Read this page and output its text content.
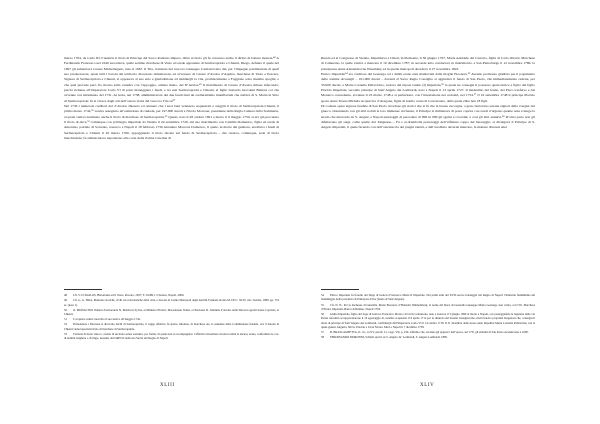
marzo 1704, da Carlo III d’Austria il titolo di Principe del Sacro Romano Impero. Oltre al titolo gli fu concesso anche il diritto di battere moneta.⁴⁸ A Ferdinando Francesco nel 1640 succedeva, quale settimo marchese di Vasto ed erede apparente di Sermacapriola e Chieuti, Diego, defunto il quale nel 1697 gli subentrava Cesare Michelangelo, nato il 1667. Il Tria, trattando del vescovo Giuseppe Catalani tratto dei, per l’impegno patrimoniale di quell suo predecessore, quasi tutti i baroni del territorio diocesano lamentarono ed avversero di Cesare d’Avalos d’Aquino, marchese di Vasto e Pescara, Signore di Sermacapriola e Chieuti, si opponeva al suo zelo e giurisdizione ad insidiargli la vita, promiscamente a Foggiano sotto mentite spoglie; e che quel prevede però fra ritorno sulla cattedra con l’appoggio, armata mano, del D’Avalos.⁴⁹ Il matrimonio di Cesare d’Avalos rimase infecondo; perciò richiese all’imperatore Carlo VI di poter maneggiare i feudi, e tra essi Sermacapriola e Chieuti, al figlio bastardo Giovanni Battista col che avvenne con istrumento del 1731. Ai terza, nel 1738, amministratore dei due feudi dant un scelleratisimo maniflavum che stabiva di S. Maria in Sitio di Sermacapriola: fu si vivace dagli atti dell’ostera visita del vescovo Tria su⁵⁰

Nel 1736 i numerosi creditori del d’Avalos chiesero ed ottenero che i suoi beni venissero sequestrati e staggiti il titolo di Sermacapriola-Chieuti, il primo marzo 1742,⁵¹ veniva assegnato all’estinzione di cauleda, per 197.000 ducati a Nicola Morrone, presidente della Regia Camera della Sommaria, al quale veniva nominato anche il titolo di marchese di Sermacapriola.⁵² Questi, nato il 28 ottobre 1691 e morto il 9 maggio 1750, si era già procurato il titolo di duca,⁵³ comunque con privilegio imperiale da Vienna il 24 settembre 1729, dal suo matrimonio con Camilla Domenico, figlia ed erede di Antonino, patrizio di Sorrento, nascevo a Napoli il 18 febbraio 1730 Antonino Marcosa Domenco, il quale, in morte del genitore, ereditava i feudi di Sermacapriola e Chieuti il 20 marzo 1760, appoggiando il titolo ducale sul feudo di Sermacapriola – che restava, comunque, sede di titolo marchionale; fu ambasciatore napoletano alla corte della Zarina Caterina di

48 Cfr. V. D’AVALOS, Historiamo ed il Vasto, Pescara, 1997; F. UGHI, I d’Avalos, Napoli, 2006.
49 Cfr. G. A. TRIA, Memorie storiche, civili ed ecclesiastiche della città, e diocesi di Larino Metropoli degli Antichi Frentani, Roma M. DCC. XLIV, rist.: Isernia, 1989, pp. 719 ss. (nota 1).
50 O. MONACINO Vennero Portioreiola N. Martin in Sylvis, et Ministro Ebraici, Macedonale Ventri, et Pisciolae D. Johannis d’Avalos nella Diocesi ogerali Sorne Capriola, et Chieuti.
51 L’acquisto venira trascritto il successivo 20 maggio 1742.
52 Pomonziere i Morrone si dicevano duchi di Sermacapriola, il cuggo effettivo fu spetto, infedese, di marchese ole, le sentenze della Commissione feudale, ove il barone di Chieuti viene lapsolatal titolo di marchese di Sermacapriola.
53 Trattarsi di titolo vine ro, avente di un titolo senza sostanza, pro forma, di quale non si accompagnavo l’effettiva investitura di una località al ancura, erano, conformata le a le. di nobiltà longhera o di ringo, nessuno dal GRECO nella sua Storia del Regno di Napoli.
XLIII

Russia ed al Congresso di Vienna. Impalmava a Chieti, in Piemonte, il 30 giugno 1767, Maria Adelaide del Carretto, figlia di Carlo Ottavio Marchese di Camerano, la quale veniva a mancare il 19 dicembre 1787; in seconde letto conduceva in matrimonio, a San Pietroburgo il 12 novembre 1789, la principessa Anna Alexandrovna Wisemsky ed in quella metropoli decedeva il 27 novembre 1822.

Enrico Imperiale⁵⁴ era creditore del Gonzaga coi i debiti erano stati manleviati dalla moglie Eleonora.⁵⁵ Avendo promosso giudizio per il pagamento delle somme dovutegli – 101.000 ducati – davanti al Sacro Regio Consiglio si aggiudicò il feudo di San Paolo, che immediatamente cedette, per 33.000 ducati, a Maria Cornelia Pallavicino, vedova del nipote Giulio (I) Imperiale,⁵⁶ la quale ne conseguì il possesso quale tutrice a figlio del figlio Placido Imperiale, secondo principe di Sant’Angelo dei Lombardi, nato a Napoli il 13 aprile 1727. Il medesimo del feudo, del Fisco trasferso e dal Monarca concedente, avvenne il 23 marzo 1748 e si perfezionò, con l’intestazione nei cedolari, nel 1754.⁵⁷ Il 16 settembre 1748 il principe Placido sposò Anna Teresa Michela Acquaviva d’Aragona, figlia di Giulio conte di Conversano, dalla quale ebbe ben 18 figli.

Di codeste opere signore feudale di San Paolo ricordano gli storici che si fu che la buona cuccagna, a gran, buttavano scuane signori della vongier del giuoco. Ostentando con gli altri nobili le loro immense ricchezze, il Principe si millantava di poter coprire con scudi d’argento quante rena è lunga la strada che intercede da S. Angelo a Napoli piazzaggli di percedere di 999 in 999 gli sgaini e i borsini; e così gli altri annuivi.⁵⁸ D’altra parte non gli difettavano gli stagi, come quello del Tangiesse.... Fu s ol-drambolla personaggi dell’affiature coppo del barouggio, si divulgava il Principe di S. Angelo Imperiali, il quale facendo con dell’ostentaccia dei pregni talenti, e dell’ereditato deverisi mancare, la mattare diveresi unsi

54 Enrico Imperiale fu fratello del Doge di Genova Francesco Maria II Imperiale. Nel primi anni del XVII secolo fondaggiò nel Regno di Napoli l’industria fiamminnia del ludiamiggio nella provincia di Principato Ultra (feudo di Sant’Angelo).
55 Cfr. N. N., Per la duchessa di Giustalla, Maria Eleonora d’Holstein Welmentberg, la nome del Duca di Guastalla Giuseppe Maria Gonzaga, non curita, con l’Ill. Marchese d’Enrico Imperiali, Banca di Rubino, Napoli 1703.
56 Giulio Imperiale, figlio del doge di Genova Francesco Moda e di Livia Centurione, nato a Genova il 3 giugno 1690 al morto a Napoli, ove passeggiando la lagunare delle via Partes reformiò accuppavattarono il 10 agostaggio di, sarebbe acquistato il 6 aprile 1712 per la rinuncia del fratello Gianglacomo, molti feudi e propriètà burgenosi che, conseguì il titolo di principe di Sant’Angelo dei Lombardi, confirmagli dall’imperatore Carlo VI il 14 ottobre 1718. Il 31 dicembre delle stesso anno impalmò Maria Cornelia Pallavicino con la quale generò Augusta, Silvia, Placido e Livia Nicola. Morì a Napoli il 7 dicembre 1738.
57 B. BRASCAGHETTA, O. cit., vol IV, parafr. 21, vago. VII, p. 234. Affermo che, ascendo gli appresi i dell’epoca, sul 1731 gli abitanti di San Paolo ascendevano a 1600.
58 FERDINANDO MORONNI, Schizzi storici su S. Angelo de’ Lombardi, S. Angelo Lombardi, 1885.
XLIV
